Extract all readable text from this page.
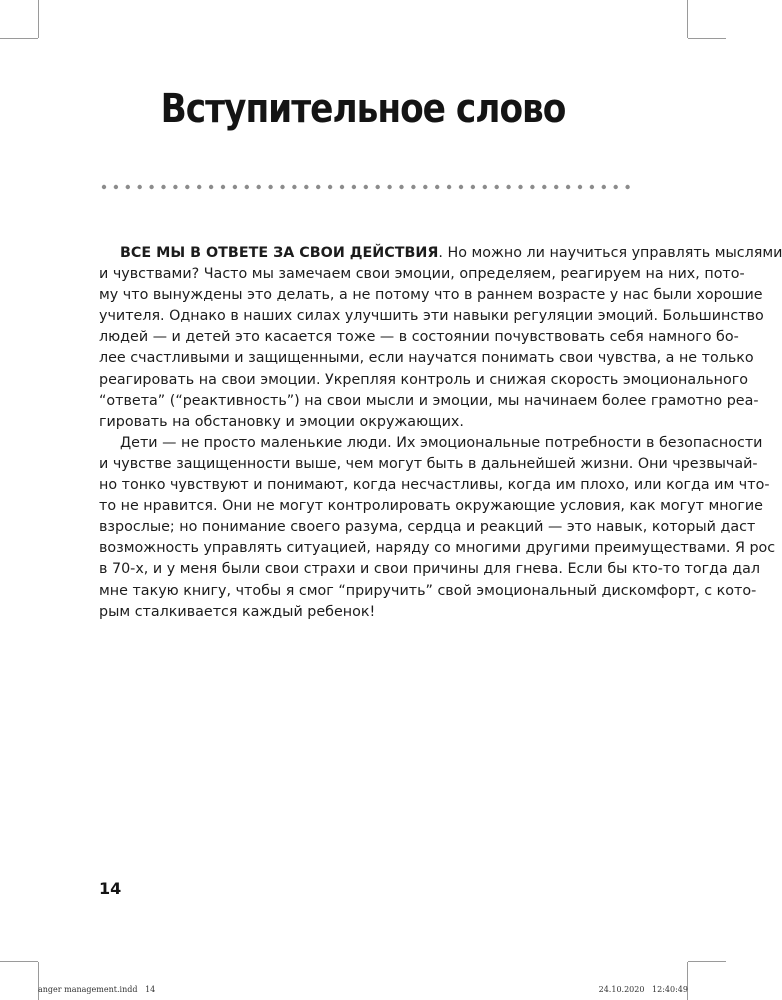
Вступительное слово
ВСЕ МЫ В ОТВЕТЕ ЗА СВОИ ДЕЙСТВИЯ. Но можно ли научиться управлять мыслями
и чувствами? Часто мы замечаем свои эмоции, определяем, реагируем на них, пото-
му что вынуждены это делать, а не потому что в раннем возрасте у нас были хорошие
учителя. Однако в наших силах улучшить эти навыки регуляции эмоций. Большинство
людей — и детей это касается тоже — в состоянии почувствовать себя намного бо-
лее счастливыми и защищенными, если научатся понимать свои чувства, а не только
реагировать на свои эмоции. Укрепляя контроль и снижая скорость эмоционального
“ответа” (“реактивность”) на свои мысли и эмоции, мы начинаем более грамотно реа-
гировать на обстановку и эмоции окружающих.
Дети — не просто маленькие люди. Их эмоциональные потребности в безопасности
и чувстве защищенности выше, чем могут быть в дальнейшей жизни. Они чрезвычай-
но тонко чувствуют и понимают, когда несчастливы, когда им плохо, или когда им что-
то не нравится. Они не могут контролировать окружающие условия, как могут многие
взрослые; но понимание своего разума, сердца и реакций — это навык, который даст
возможность управлять ситуацией, наряду со многими другими преимуществами. Я рос
в 70-х, и у меня были свои страхи и свои причины для гнева. Если бы кто-то тогда дал
мне такую книгу, чтобы я смог “приручить” свой эмоциональный дискомфорт, с кото-
рым сталкивается каждый ребенок!
14
anger management.indd   14	24.10.2020   12:40:49
